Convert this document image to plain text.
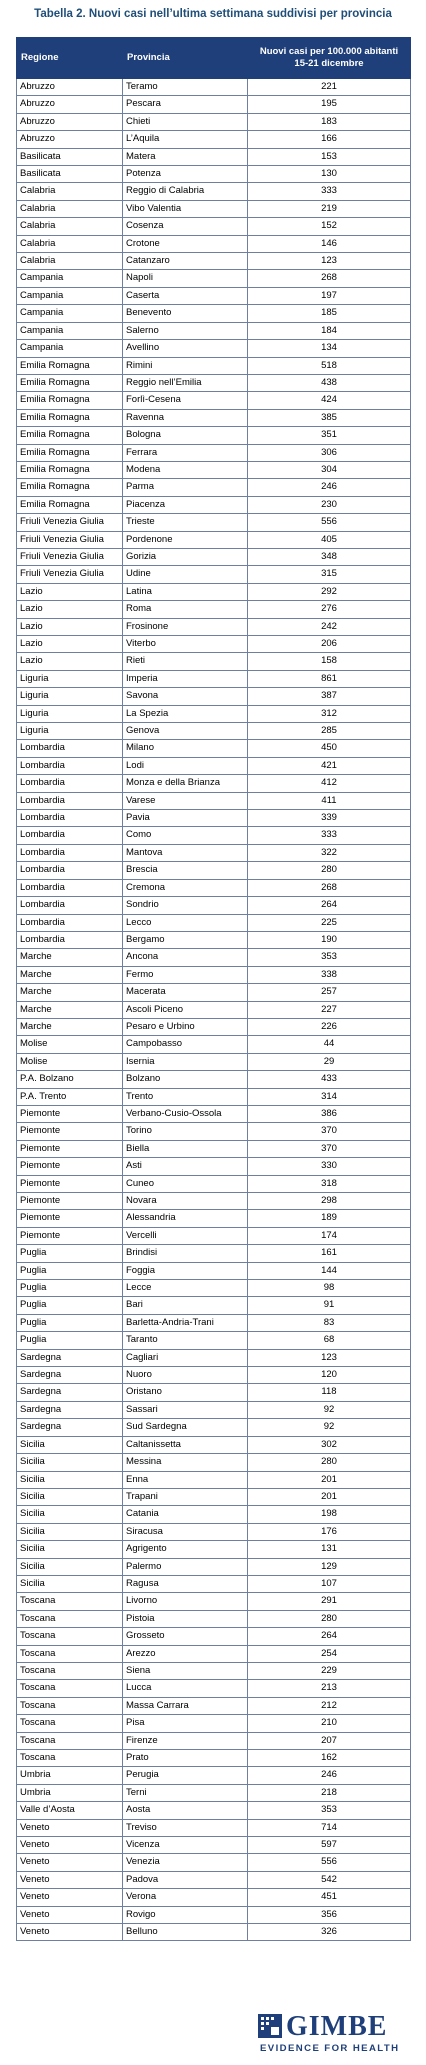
Tabella 2. Nuovi casi nell’ultima settimana suddivisi per provincia
Regione	Provincia	Nuovi casi per 100.000 abitanti
15-21 dicembre

Abruzzo	Teramo	221
Abruzzo	Pescara	195
Abruzzo	Chieti	183
Abruzzo	L’Aquila	166
Basilicata	Matera	153
Basilicata	Potenza	130
Calabria	Reggio di Calabria	333
Calabria	Vibo Valentia	219
Calabria	Cosenza	152
Calabria	Crotone	146
Calabria	Catanzaro	123
Campania	Napoli	268
Campania	Caserta	197
Campania	Benevento	185
Campania	Salerno	184
Campania	Avellino	134
Emilia Romagna	Rimini	518
Emilia Romagna	Reggio nell’Emilia	438
Emilia Romagna	Forlì-Cesena	424
Emilia Romagna	Ravenna	385
Emilia Romagna	Bologna	351
Emilia Romagna	Ferrara	306
Emilia Romagna	Modena	304
Emilia Romagna	Parma	246
Emilia Romagna	Piacenza	230
Friuli Venezia Giulia	Trieste	556
Friuli Venezia Giulia	Pordenone	405
Friuli Venezia Giulia	Gorizia	348
Friuli Venezia Giulia	Udine	315
Lazio	Latina	292
Lazio	Roma	276
Lazio	Frosinone	242
Lazio	Viterbo	206
Lazio	Rieti	158
Liguria	Imperia	861
Liguria	Savona	387
Liguria	La Spezia	312
Liguria	Genova	285
Lombardia	Milano	450
Lombardia	Lodi	421
Lombardia	Monza e della Brianza	412
Lombardia	Varese	411
Lombardia	Pavia	339
Lombardia	Como	333
Lombardia	Mantova	322
Lombardia	Brescia	280
Lombardia	Cremona	268
Lombardia	Sondrio	264
Lombardia	Lecco	225
Lombardia	Bergamo	190
Marche	Ancona	353
Marche	Fermo	338
Marche	Macerata	257
Marche	Ascoli Piceno	227
Marche	Pesaro e Urbino	226
Molise	Campobasso	44
Molise	Isernia	29
P.A. Bolzano	Bolzano	433
P.A. Trento	Trento	314
Piemonte	Verbano-Cusio-Ossola	386
Piemonte	Torino	370
Piemonte	Biella	370
Piemonte	Asti	330
Piemonte	Cuneo	318
Piemonte	Novara	298
Piemonte	Alessandria	189
Piemonte	Vercelli	174
Puglia	Brindisi	161
Puglia	Foggia	144
Puglia	Lecce	98
Puglia	Bari	91
Puglia	Barletta-Andria-Trani	83
Puglia	Taranto	68
Sardegna	Cagliari	123
Sardegna	Nuoro	120
Sardegna	Oristano	118
Sardegna	Sassari	92
Sardegna	Sud Sardegna	92
Sicilia	Caltanissetta	302
Sicilia	Messina	280
Sicilia	Enna	201
Sicilia	Trapani	201
Sicilia	Catania	198
Sicilia	Siracusa	176
Sicilia	Agrigento	131
Sicilia	Palermo	129
Sicilia	Ragusa	107
Toscana	Livorno	291
Toscana	Pistoia	280
Toscana	Grosseto	264
Toscana	Arezzo	254
Toscana	Siena	229
Toscana	Lucca	213
Toscana	Massa Carrara	212
Toscana	Pisa	210
Toscana	Firenze	207
Toscana	Prato	162
Umbria	Perugia	246
Umbria	Terni	218
Valle d’Aosta	Aosta	353
Veneto	Treviso	714
Veneto	Vicenza	597
Veneto	Venezia	556
Veneto	Padova	542
Veneto	Verona	451
Veneto	Rovigo	356
Veneto	Belluno	326
GIMBE
EVIDENCE FOR HEALTH
